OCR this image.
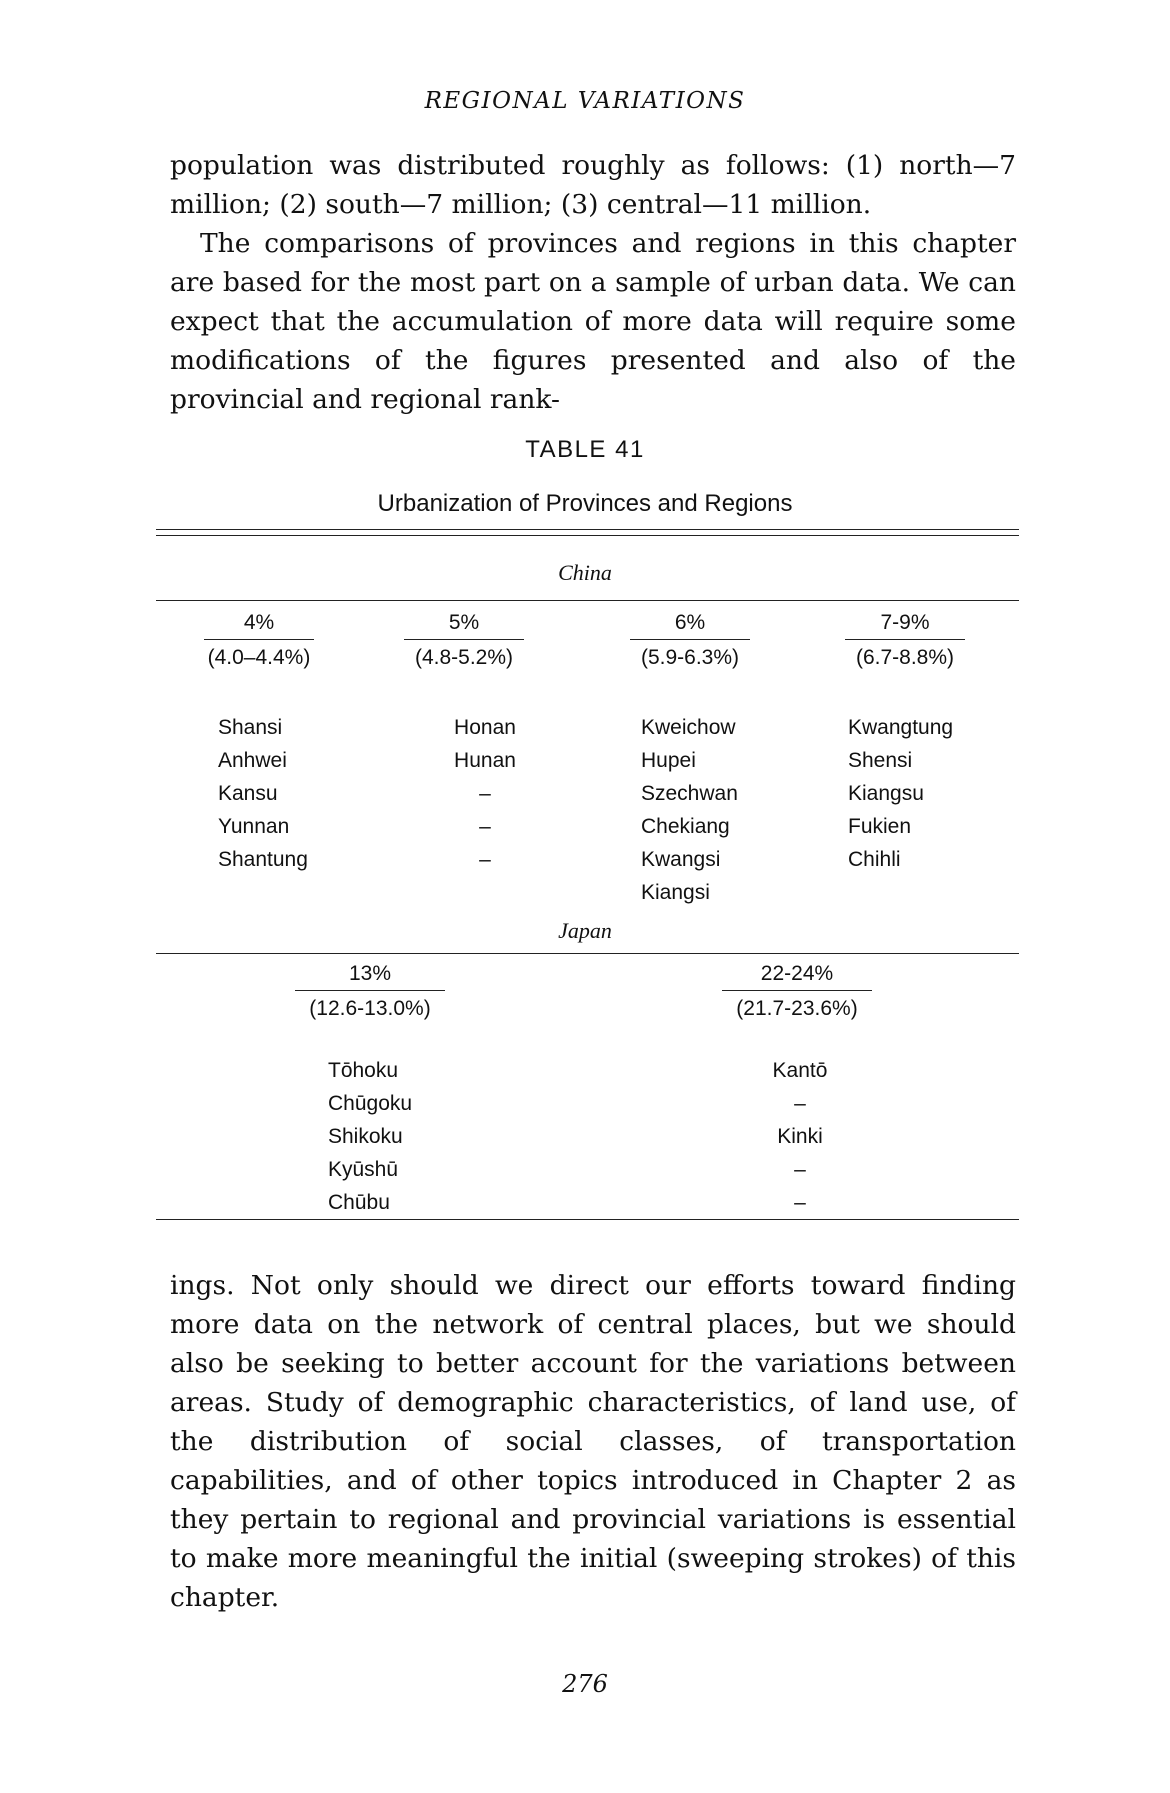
REGIONAL VARIATIONS
population was distributed roughly as follows: (1) north—7 million; (2) south—7 million; (3) central—11 million.
The comparisons of provinces and regions in this chapter are based for the most part on a sample of urban data. We can expect that the accumulation of more data will require some modifications of the figures presented and also of the provincial and regional rank-
TABLE 41
Urbanization of Provinces and Regions
China
4%
(4.0–4.4%)
5%
(4.8-5.2%)
6%
(5.9-6.3%)
7-9%
(6.7-8.8%)
Shansi
Anhwei
Kansu
Yunnan
Shantung
Honan
Hunan
–
–
–
Kweichow
Hupei
Szechwan
Chekiang
Kwangsi
Kiangsi
Kwangtung
Shensi
Kiangsu
Fukien
Chihli
Japan
13%
(12.6-13.0%)
22-24%
(21.7-23.6%)
Tōhoku
Chūgoku
Shikoku
Kyūshū
Chūbu
Kantō
–
Kinki
–
–

ings. Not only should we direct our efforts toward finding more data on the network of central places, but we should also be seeking to better account for the variations between areas. Study of demographic characteristics, of land use, of the distribution of social classes, of transportation capabilities, and of other topics introduced in Chapter 2 as they pertain to regional and provincial variations is essential to make more meaningful the initial (sweeping strokes) of this chapter.

276
